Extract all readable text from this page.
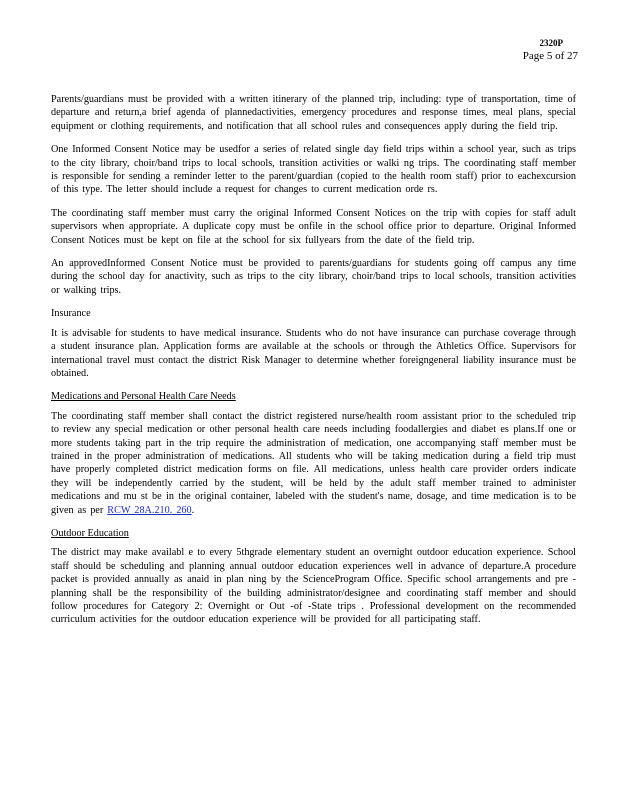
2320P
Page 5 of 27

Parents/guardians must be provided with a written itinerary of the planned trip, including: type of transportation, time of departure and return,a brief agenda of plannedactivities, emergency procedures and response times, meal plans, special equipment or clothing requirements, and notification that all school rules and consequences apply during the field trip.

One Informed Consent Notice may be usedfor a series of related single day field trips within a school year, such as trips to the city library, choir/band trips to local schools, transition activities or walki ng trips. The coordinating staff member is responsible for sending a reminder letter to the parent/guardian (copied to the health room staff) prior to eachexcursion of this type. The letter should include a request for changes to current medication orde rs.

The coordinating staff member must carry the original Informed Consent Notices on the trip with copies for staff adult supervisors when appropriate. A duplicate copy must be onfile in the school office prior to departure. Original Informed Consent Notices must be kept on file at the school for six fullyears from the date of the field trip.

An approvedInformed Consent Notice must be provided to parents/guardians for students going off campus any time during the school day for anactivity, such as trips to the city library, choir/band trips to local schools, transition activities or walking trips.

Insurance

It is advisable for students to have medical insurance. Students who do not have insurance can purchase coverage through a student insurance plan. Application forms are available at the schools or through the Athletics Office. Supervisors for international travel must contact the district Risk Manager to determine whether foreigngeneral liability insurance must be obtained.

Medications and Personal Health Care Needs

The coordinating staff member shall contact the district registered nurse/health room assistant prior to the scheduled trip to review any special medication or other personal health care needs including foodallergies and diabet es plans.If one or more students taking part in the trip require the administration of medication, one accompanying staff member must be trained in the proper administration of medications. All students who will be taking medication during a field trip must have properly completed district medication forms on file. All medications, unless health care provider orders indicate they will be independently carried by the student, will be held by the adult staff member trained to administer medications and mu st be in the original container, labeled with the student's name, dosage, and time medication is to be given as per RCW 28A.210. 260.

Outdoor Education

The district may make availabl e to every 5thgrade elementary student an overnight outdoor education experience. School staff should be scheduling and planning annual outdoor education experiences well in advance of departure.A procedure packet is provided annually as anaid in plan ning by the ScienceProgram Office. Specific school arrangements and pre - planning shall be the responsibility of the building administrator/designee and coordinating staff member and should follow procedures for Category 2: Overnight or Out -of -State trips . Professional development on the recommended curriculum activities for the outdoor education experience will be provided for all participating staff.
